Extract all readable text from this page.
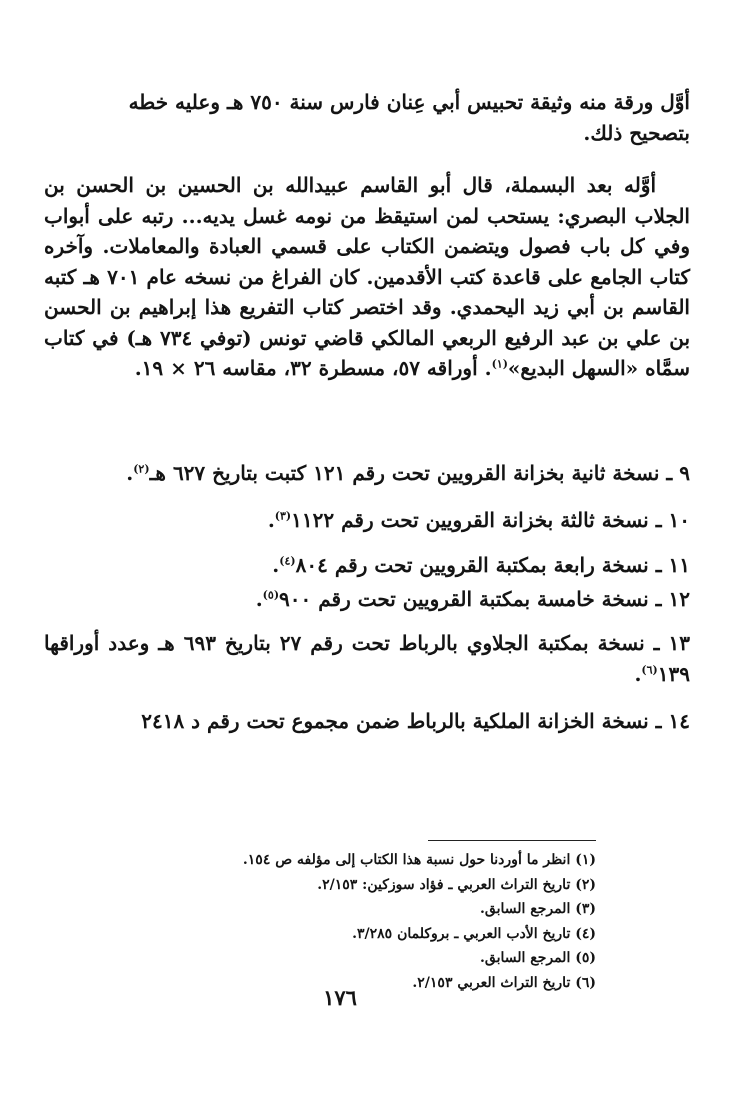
أوَّل ورقة منه وثيقة تحبيس أبي عِنان فارس سنة ٧٥٠ هـ وعليه خطه

بتصحيح ذلك.

أوَّله بعد البسملة، قال أبو القاسم عبيدالله بن الحسين بن الحسن بن الجلاب البصري: يستحب لمن استيقظ من نومه غسل يديه... رتبه على أبواب وفي كل باب فصول ويتضمن الكتاب على قسمي العبادة والمعاملات. وآخره كتاب الجامع على قاعدة كتب الأقدمين. كان الفراغ من نسخه عام ٧٠١ هـ كتبه القاسم بن أبي زيد اليحمدي. وقد اختصر كتاب التفريع هذا إبراهيم بن الحسن بن علي بن عبد الرفيع الربعي المالكي قاضي تونس (توفي ٧٣٤ هـ) في كتاب سمَّاه «السهل البديع»$^{(١)}$. أوراقه ٥٧، مسطرة ٣٢، مقاسه ٢٦ × ١٩.

٩ ـ نسخة ثانية بخزانة القرويين تحت رقم ١٢١ كتبت بتاريخ ٦٢٧ هـ$^{(٢)}$.

١٠ ـ نسخة ثالثة بخزانة القرويين تحت رقم ١١٢٢$^{(٣)}$.

١١ ـ نسخة رابعة بمكتبة القرويين تحت رقم ٨٠٤$^{(٤)}$.

١٢ ـ نسخة خامسة بمكتبة القرويين تحت رقم ٩٠٠$^{(٥)}$.

١٣ ـ نسخة بمكتبة الجلاوي بالرباط تحت رقم ٢٧ بتاريخ ٦٩٣ هـ وعدد أوراقها ١٣٩$^{(٦)}$.

١٤ ـ نسخة الخزانة الملكية بالرباط ضمن مجموع تحت رقم د ٢٤١٨

(١) انظر ما أوردنا حول نسبة هذا الكتاب إلى مؤلفه ص ١٥٤.

(٢) تاريخ التراث العربي ـ فؤاد سوزكين: ٢/١٥٣.

(٣) المرجع السابق.

(٤) تاريخ الأدب العربي ـ بروكلمان ٣/٢٨٥.

(٥) المرجع السابق.

(٦) تاريخ التراث العربي ٢/١٥٣.

١٧٦
